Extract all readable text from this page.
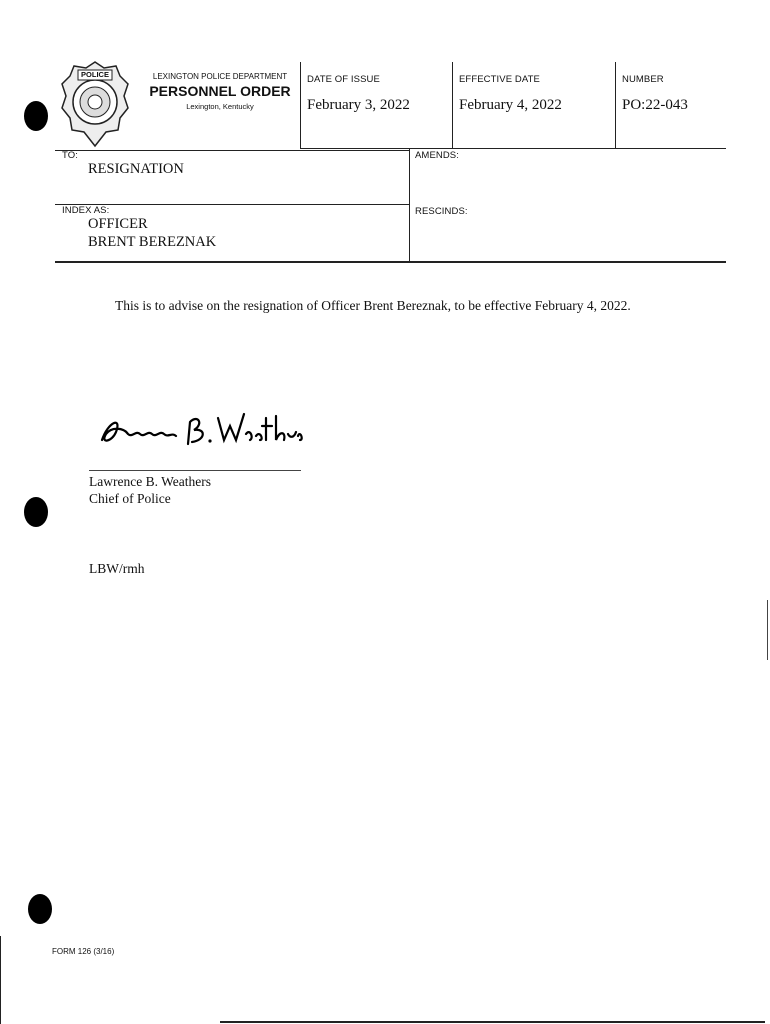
POLICE	LEXINGTON POLICE DEPARTMENT
PERSONNEL ORDER
Lexington, Kentucky
DATE OF ISSUE
February 3, 2022
EFFECTIVE DATE
February 4, 2022
NUMBER
PO:22-043
TO:
RESIGNATION
AMENDS:
INDEX AS:
OFFICER
BRENT BEREZNAK
RESCINDS:
This is to advise on the resignation of Officer Brent Bereznak, to be effective February 4, 2022.
Lawrence B. Weathers
Chief of Police
LBW/rmh
FORM 126 (3/16)
